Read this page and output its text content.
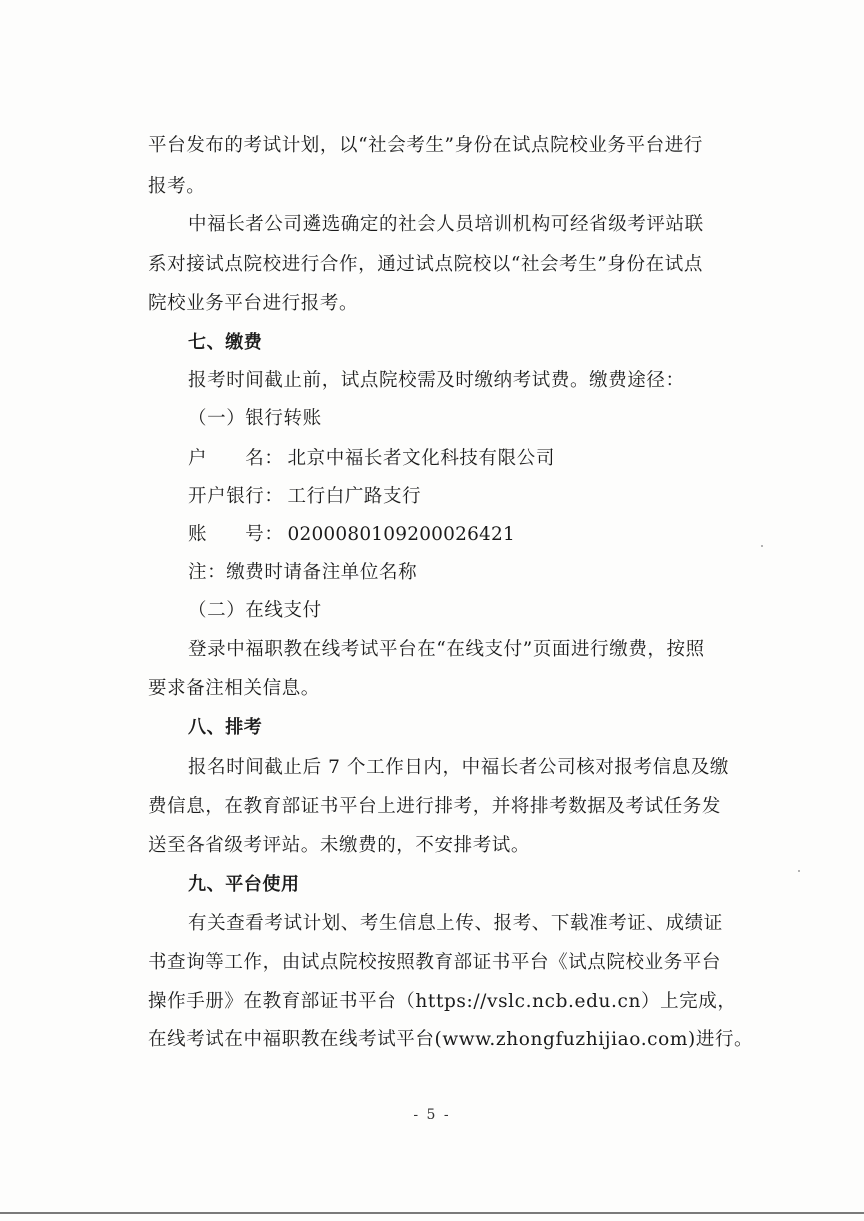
平台发布的考试计划，以“社会考生”身份在试点院校业务平台进行
报考。
中福长者公司遴选确定的社会人员培训机构可经省级考评站联
系对接试点院校进行合作，通过试点院校以“社会考生”身份在试点
院校业务平台进行报考。
七、缴费
报考时间截止前，试点院校需及时缴纳考试费。缴费途径：
（一）银行转账
户　　名： 北京中福长者文化科技有限公司
开户银行： 工行白广路支行
账　　号： 0200080109200026421
注：缴费时请备注单位名称
（二）在线支付
登录中福职教在线考试平台在“在线支付”页面进行缴费，按照
要求备注相关信息。
八、排考
报名时间截止后 7 个工作日内，中福长者公司核对报考信息及缴
费信息，在教育部证书平台上进行排考，并将排考数据及考试任务发
送至各省级考评站。未缴费的，不安排考试。
九、平台使用
有关查看考试计划、考生信息上传、报考、下载准考证、成绩证
书查询等工作，由试点院校按照教育部证书平台《试点院校业务平台
操作手册》在教育部证书平台（https://vslc.ncb.edu.cn）上完成，
在线考试在中福职教在线考试平台(www.zhongfuzhijiao.com)进行。
- 5 -
